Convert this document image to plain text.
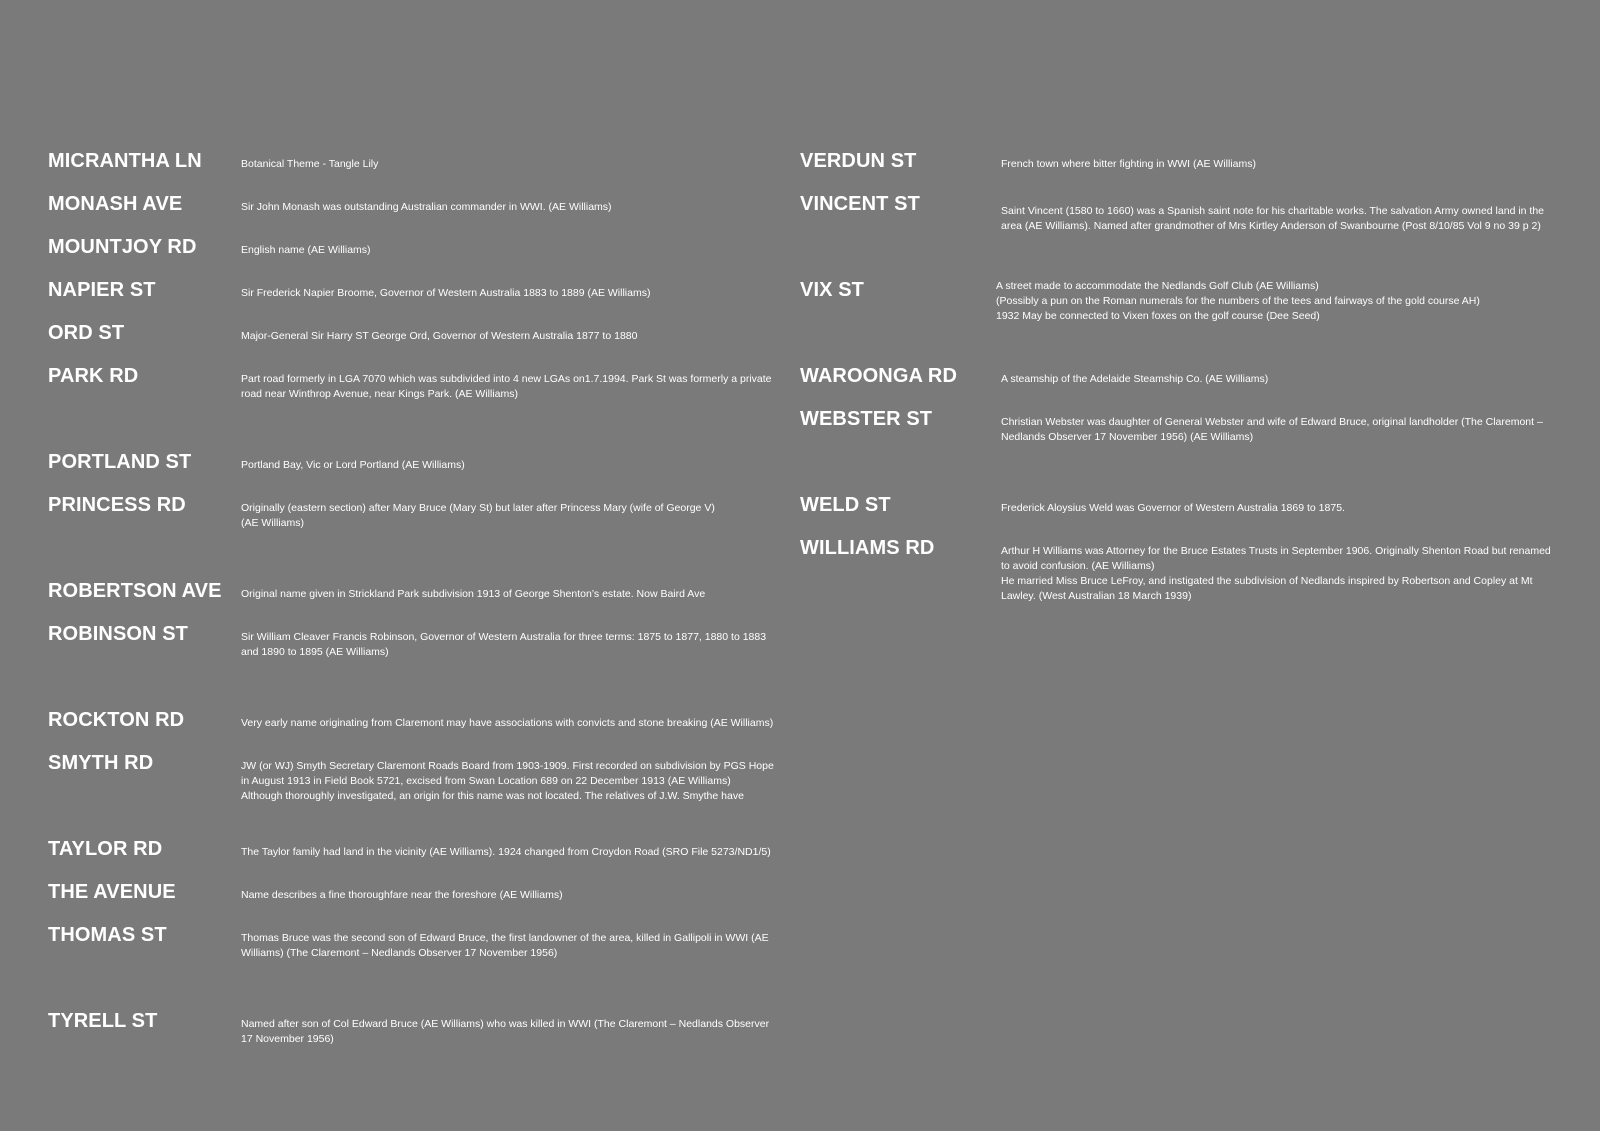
MICRANTHA LN	Botanical Theme - Tangle Lily
MONASH AVE	Sir John Monash was outstanding Australian commander in WWI. (AE Williams)
MOUNTJOY RD	English name (AE Williams)
NAPIER ST	Sir Frederick Napier Broome, Governor of Western Australia 1883 to 1889 (AE Williams)
ORD ST	Major-General Sir Harry ST George Ord, Governor of Western Australia 1877 to 1880
PARK RD	Part road formerly in LGA 7070 which was subdivided into 4 new LGAs on1.7.1994. Park St was formerly a private road near Winthrop Avenue, near Kings Park. (AE Williams)
PORTLAND ST	Portland Bay, Vic or Lord Portland (AE Williams)
PRINCESS RD	Originally (eastern section) after Mary Bruce (Mary St) but later after Princess Mary (wife of George V)
(AE Williams)
ROBERTSON AVE Original name given in Strickland Park subdivision 1913 of George Shenton’s estate. Now Baird Ave
ROBINSON ST	Sir William Cleaver Francis Robinson, Governor of Western Australia for three terms: 1875 to 1877, 1880 to 1883 and 1890 to 1895 (AE Williams)
ROCKTON RD	Very early name originating from Claremont may have associations with convicts and stone breaking (AE Williams)
SMYTH RD	JW (or WJ) Smyth Secretary Claremont Roads Board from 1903-1909. First recorded on subdivision by PGS Hope in August 1913 in Field Book 5721, excised from Swan Location 689 on 22 December 1913 (AE Williams)
Although thoroughly investigated, an origin for this name was not located. The relatives of J.W. Smythe have
TAYLOR RD	The Taylor family had land in the vicinity (AE Williams). 1924 changed from Croydon Road (SRO File 5273/ND1/5)
THE AVENUE	Name describes a fine thoroughfare near the foreshore (AE Williams)
THOMAS ST	Thomas Bruce was the second son of Edward Bruce, the first landowner of the area, killed in Gallipoli in WWI (AE Williams) (The Claremont – Nedlands Observer 17 November 1956)
TYRELL ST	Named after son of Col Edward Bruce (AE Williams) who was killed in WWI (The Claremont – Nedlands Observer 17 November 1956)
VERDUN ST	French town where bitter fighting in WWI (AE Williams)
VINCENT ST	Saint Vincent (1580 to 1660) was a Spanish saint note for his charitable works. The salvation Army owned land in the area (AE Williams). Named after grandmother of Mrs Kirtley Anderson of Swanbourne (Post 8/10/85 Vol 9 no 39 p 2)
VIX ST	A street made to accommodate the Nedlands Golf Club (AE Williams)
(Possibly a pun on the Roman numerals for the numbers of the tees and fairways of the gold course AH)
1932 May be connected to Vixen foxes on the golf course (Dee Seed)
WAROONGA RD	A steamship of the Adelaide Steamship Co. (AE Williams)
WEBSTER ST	Christian Webster was daughter of General Webster and wife of Edward Bruce, original landholder (The Claremont – Nedlands Observer 17 November 1956) (AE Williams)
WELD ST	Frederick Aloysius Weld was Governor of Western Australia 1869 to 1875.
WILLIAMS RD	Arthur H Williams was Attorney for the Bruce Estates Trusts in September 1906. Originally Shenton Road but renamed to avoid confusion. (AE Williams)
He married Miss Bruce LeFroy, and instigated the subdivision of Nedlands inspired by Robertson and Copley at Mt Lawley. (West Australian 18 March 1939)
